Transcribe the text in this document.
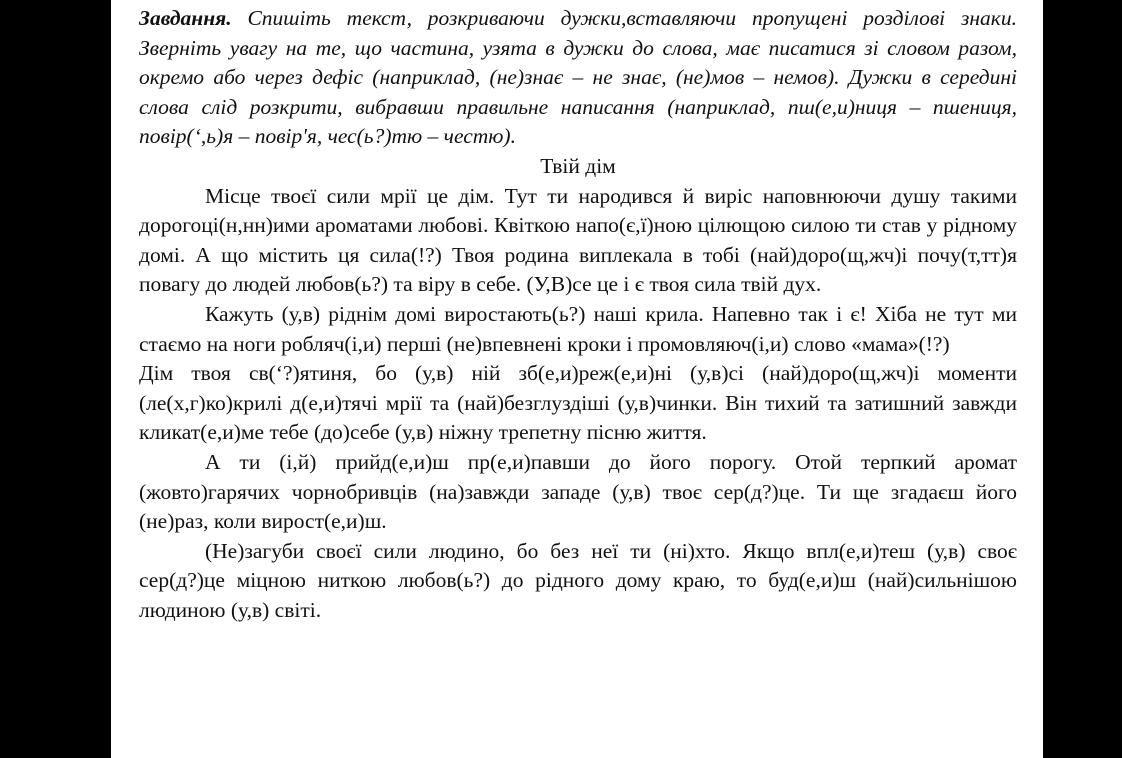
Завдання. Спишіть текст, розкриваючи дужки,вставляючи пропущені розділові знаки. Зверніть увагу на те, що частина, узята в дужки до слова, має писатися зі словом разом, окремо або через дефіс (наприклад, (не)знає – не знає, (не)мов – немов). Дужки в середині слова слід розкрити, вибравши правильне написання (наприклад, пш(е,и)ниця – пшениця, повір(‘,ь)я – повір'я, чес(ь?)тю – честю).

Твій дім

Місце твоєї сили мрії це дім. Тут ти народився й виріс наповнюючи душу такими дорогоці(н,нн)ими ароматами любові. Квіткою напо(є,ї)ною цілющою силою ти став у рідному домі. А що містить ця сила(!?) Твоя родина виплекала в тобі (най)доро(щ,жч)і почу(т,тт)я повагу до людей любов(ь?) та віру в себе. (У,В)се це і є твоя сила твій дух.

Кажуть (у,в) ріднім домі виростають(ь?) наші крила. Напевно так і є! Хіба не тут ми стаємо на ноги робляч(і,и) перші (не)впевнені кроки і промовляюч(і,и) слово «мама»(!?)

Дім твоя св(‘?)ятиня, бо (у,в) ній зб(е,и)реж(е,и)ні (у,в)сі (най)доро(щ,жч)і моменти (ле(х,г)ко)крилі д(е,и)тячі мрії та (най)безглуздіші (у,в)чинки. Він тихий та затишний завжди кликат(е,и)ме тебе (до)себе (у,в) ніжну трепетну пісню життя.

А ти (і,й) прийд(е,и)ш пр(е,и)павши до його порогу. Отой терпкий аромат (жовто)гарячих чорнобривців (на)завжди западе (у,в) твоє сер(д?)це. Ти ще згадаєш його (не)раз, коли вирост(е,и)ш.

(Не)загуби своєї сили людино, бо без неї ти (ні)хто. Якщо впл(е,и)теш (у,в) своє сер(д?)це міцною ниткою любов(ь?) до рідного дому краю, то буд(е,и)ш (най)сильнішою людиною (у,в) світі.
